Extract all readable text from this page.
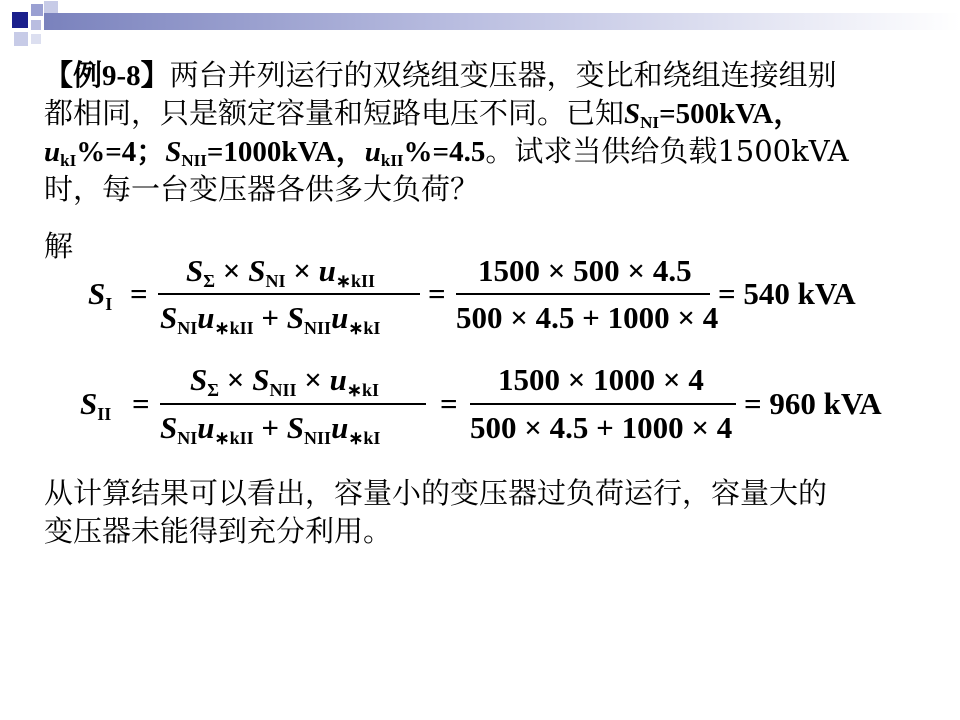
【例9-8】两台并列运行的双绕组变压器，变比和绕组连接组别
都相同，只是额定容量和短路电压不同。已知$S_{NI}=500kVA$，
$u_{kI}\%=4$；$S_{NII}=1000kVA$，$u_{kII}\%=4.5$。试求当供给负载1500kVA
时，每一台变压器各供多大负荷？
解
$S_I$ =
$S_\Sigma \times S_{NI} \times u_{∗kII}$
$S_{NI}u_{∗kII} + S_{NII}u_{∗kI}$
=
1500 × 500 × 4.5
500 × 4.5 + 1000 × 4
= 540 kVA
$S_{II}$ =
$S_\Sigma \times S_{NII} \times u_{∗kI}$
$S_{NI}u_{∗kII} + S_{NII}u_{∗kI}$
=
1500 × 1000 × 4
500 × 4.5 + 1000 × 4
= 960 kVA
从计算结果可以看出，容量小的变压器过负荷运行，容量大的
变压器未能得到充分利用。
